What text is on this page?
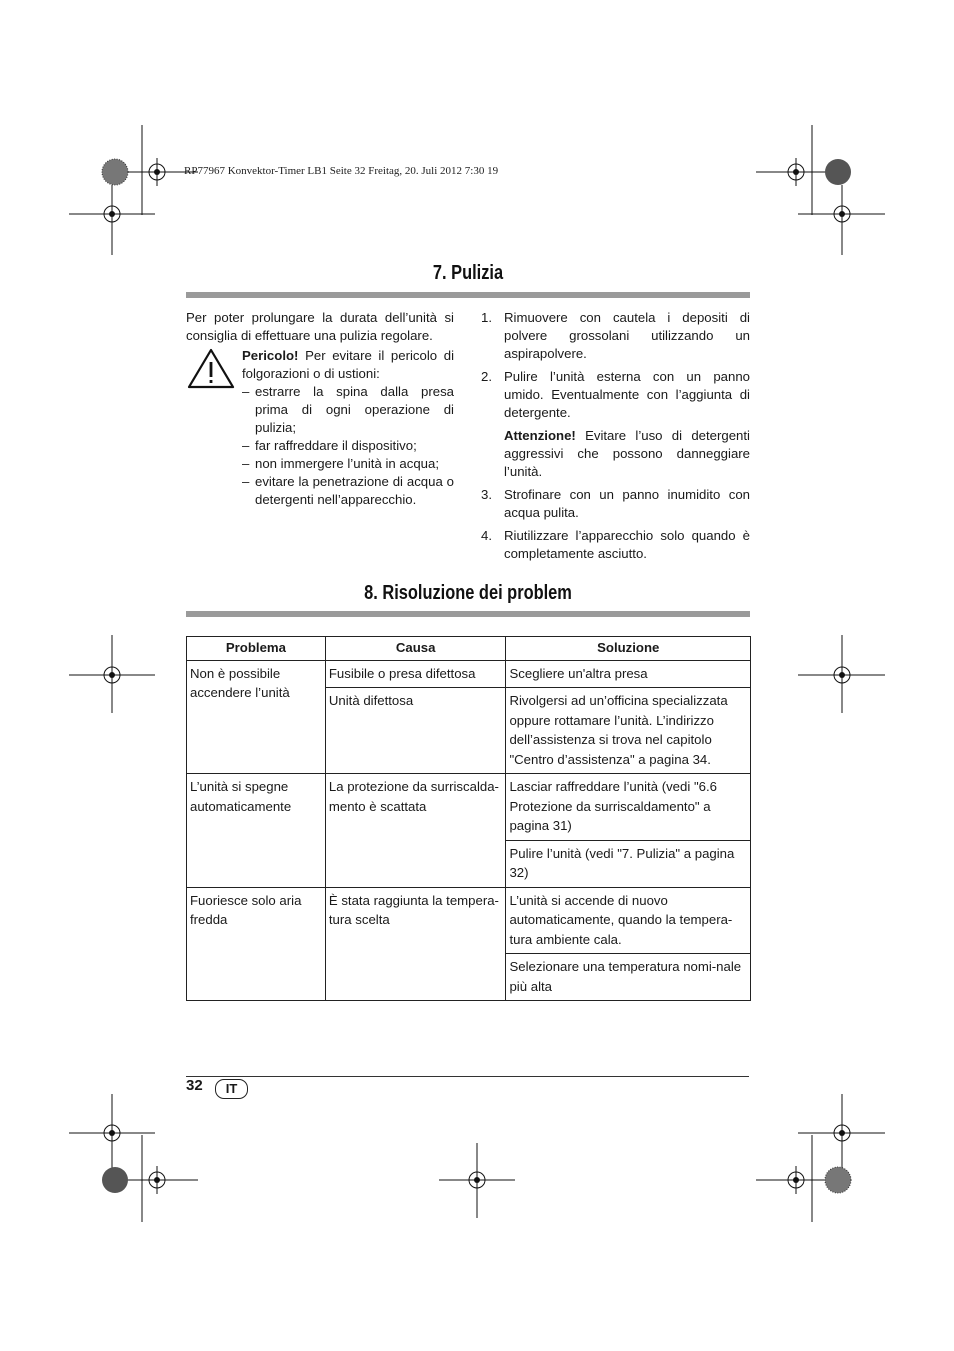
RP77967 Konvektor-Timer LB1 Seite 32 Freitag, 20. Juli 2012 7:30 19
7. Pulizia

Per poter prolungare la durata dell’unità si consiglia di effettuare una pulizia regolare.

Pericolo! Per evitare il pericolo di folgorazioni o di ustioni:

– estrarre la spina dalla presa prima di ogni operazione di pulizia;
– far raffreddare il dispositivo;
– non immergere l’unità in acqua;
– evitare la penetrazione di acqua o detergenti nell’apparecchio.
1. Rimuovere con cautela i depositi di polvere grossolani utilizzando un aspirapolvere.
2. Pulire l’unità esterna con un panno umido. Eventualmente con l’aggiunta di detergente.

Attenzione! Evitare l’uso di detergenti aggressivi che possono danneggiare l’unità.

3. Strofinare con un panno inumidito con acqua pulita.
4. Riutilizzare l’apparecchio solo quando è completamente asciutto.
8. Risoluzione dei problem
Problema	Causa	Soluzione
Non è possibile accendere l’unità	Fusibile o presa difettosa	Scegliere un'altra presa
	Unità difettosa	Rivolgersi ad un’officina specializzata oppure rottamare l’unità. L’indirizzo dell’assistenza si trova nel capitolo "Centro d’assistenza" a pagina 34.
L’unità si spegne automaticamente	La protezione da surriscalda-mento è scattata	Lasciar raffreddare l’unità (vedi "6.6 Protezione da surriscaldamento" a pagina 31)
		Pulire l’unità (vedi "7. Pulizia" a pagina 32)
Fuoriesce solo aria fredda	È stata raggiunta la tempera-tura scelta	L’unità si accende di nuovo automaticamente, quando la tempera-tura ambiente cala.
		Selezionare una temperatura nomi-nale più alta
32	IT
